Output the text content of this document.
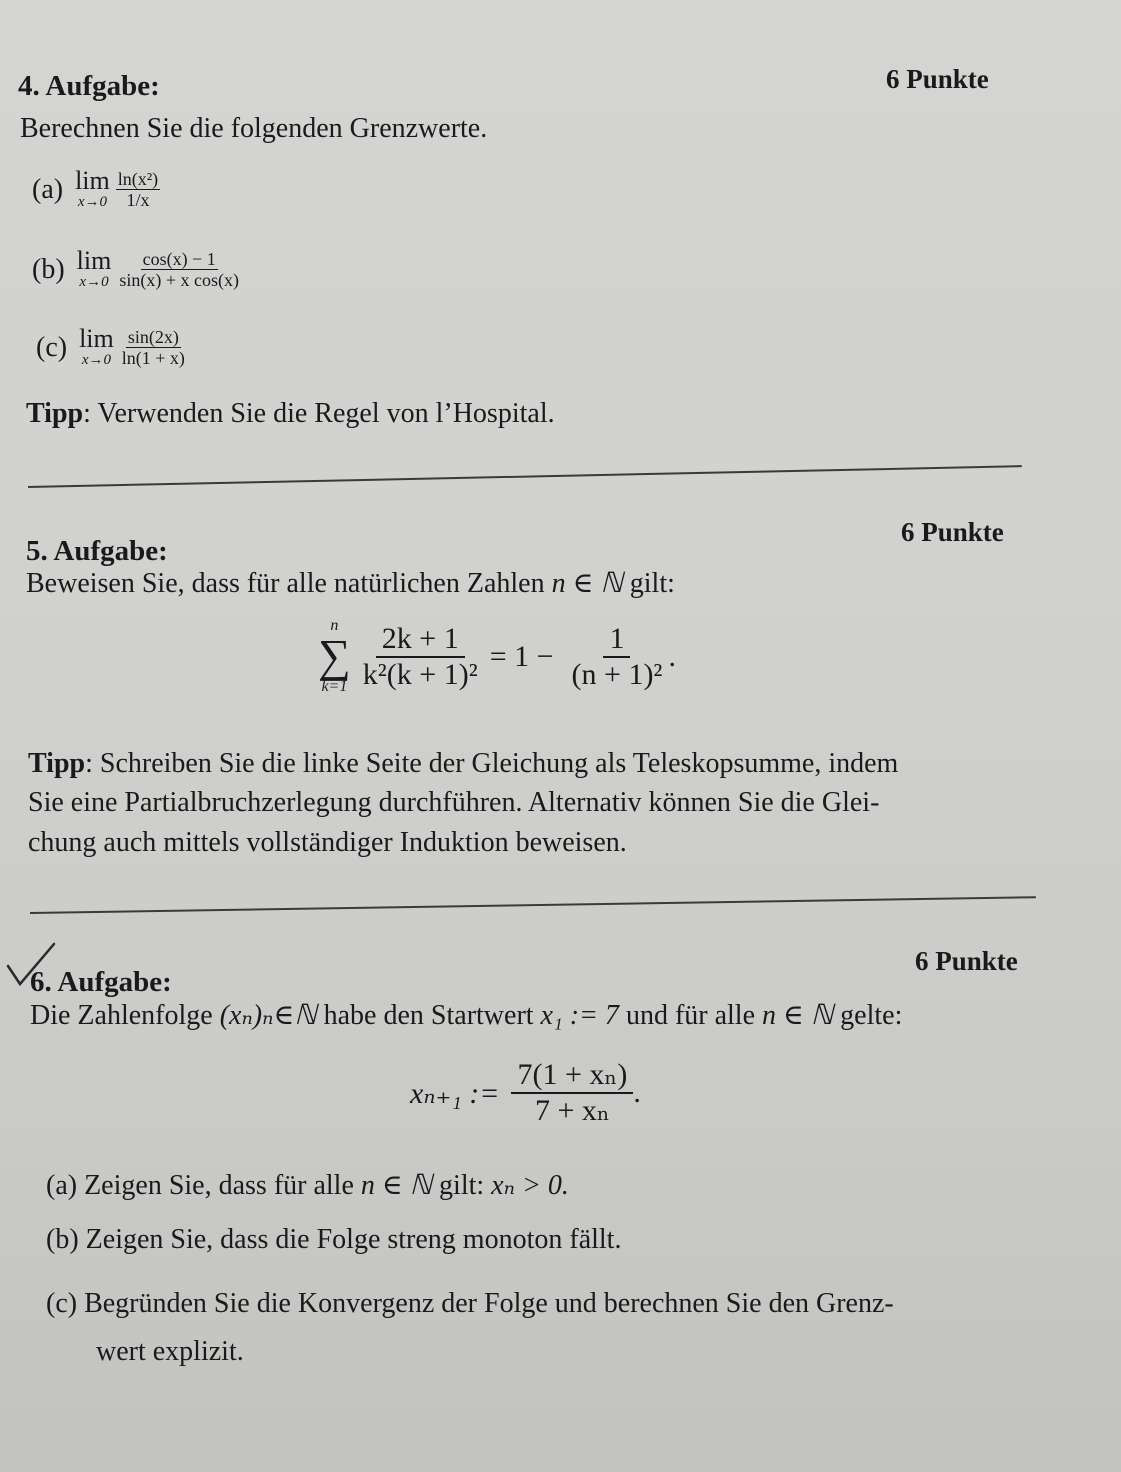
4. Aufgabe:	6 Punkte
Berechnen Sie die folgenden Grenzwerte.
(a) lim
$x\to 0 \frac{\text{ln(x²)}}{1/x}$
(b) lim
$x\to 0 \frac{\cos(x) - 1}{\text{sin(x) + x cos(x)}}$
(c) lim
$x\to 0 \frac{\sin(2x)}{\ln(1 + x)}$
Tipp: Verwenden Sie die Regel von l’Hospital.
6 Punkte
5. Aufgabe:
Beweisen Sie, dass für alle natürlichen Zahlen n ∈ ℕ gilt:
n
∑
$k=1 \frac{2k + 1}{\text{k²(k + 1)²}} = 1 - \frac{1}{\text{(n + 1)²}}$ .
Tipp: Schreiben Sie die linke Seite der Gleichung als Teleskopsumme, indem
Sie eine Partialbruchzerlegung durchführen. Alternativ können Sie die Glei-
chung auch mittels vollständiger Induktion beweisen.
6 Punkte
6. Aufgabe:
Die Zahlenfolge (xₙ)ₙ∈ℕ habe den Startwert x₁ := 7 und für alle n ∈ ℕ gelte:
xₙ₊₁ := $\frac{\text{7(1 + xₙ)}}{\text{7 + xₙ}}$ .
(a) Zeigen Sie, dass für alle n ∈ ℕ gilt: xₙ > 0.
(b) Zeigen Sie, dass die Folge streng monoton fällt.
(c) Begründen Sie die Konvergenz der Folge und berechnen Sie den Grenz-
wert explizit.
